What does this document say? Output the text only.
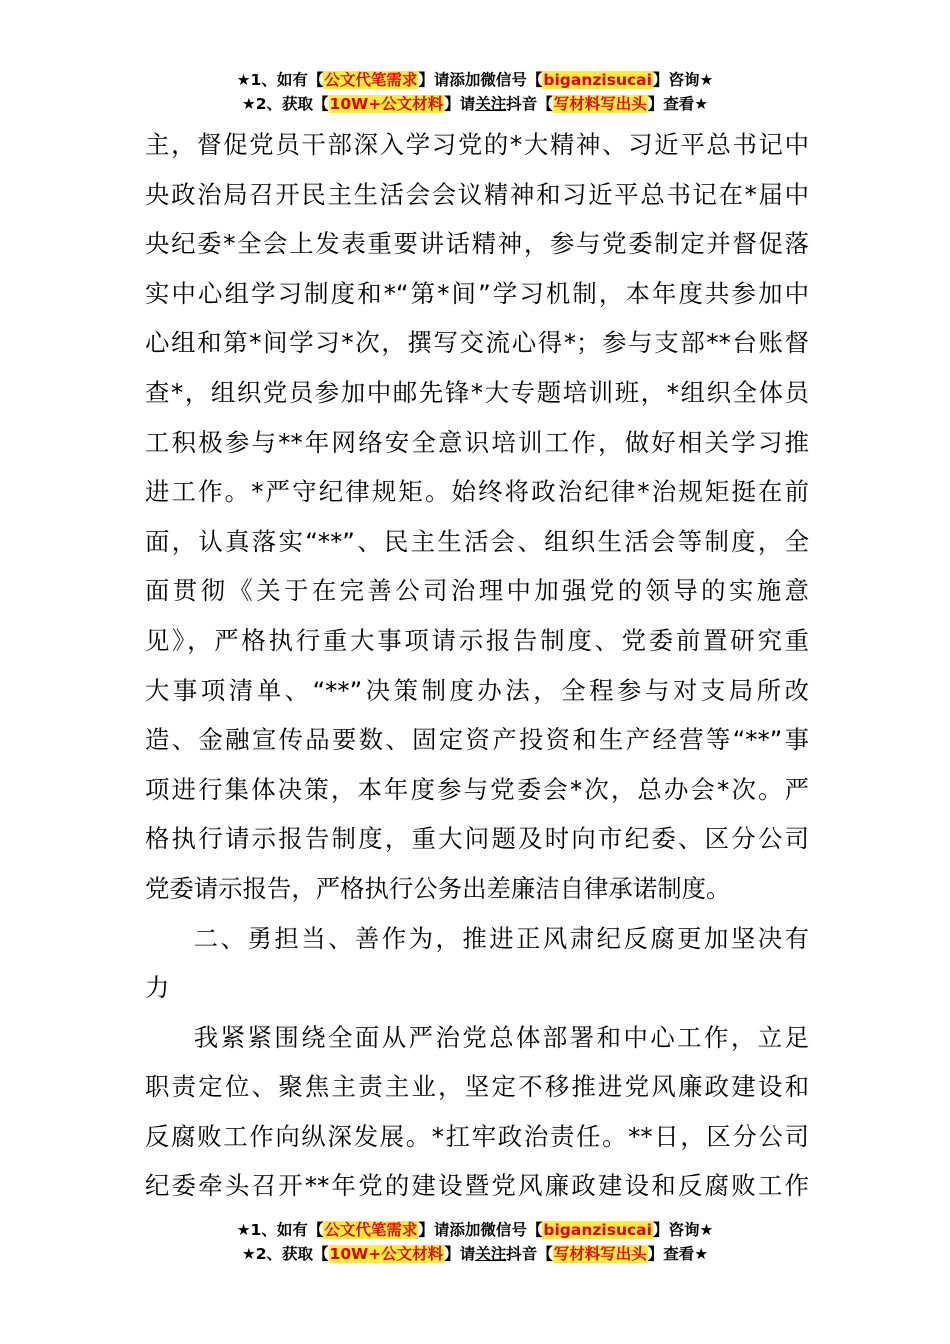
★1、如有【公文代笔需求】请添加微信号【biganzisucai】咨询★
★2、获取【10W+公文材料】请关注抖音【写材料写出头】查看★
主，督促党员干部深入学习党的*大精神、习近平总书记中
央政治局召开民主生活会会议精神和习近平总书记在*届中
央纪委*全会上发表重要讲话精神，参与党委制定并督促落
实中心组学习制度和*“第*间”学习机制，本年度共参加中
心组和第*间学习*次，撰写交流心得*；参与支部**台账督
查*，组织党员参加中邮先锋*大专题培训班，*组织全体员
工积极参与**年网络安全意识培训工作，做好相关学习推
进工作。*严守纪律规矩。始终将政治纪律*治规矩挺在前
面，认真落实“**”、民主生活会、组织生活会等制度，全
面贯彻《关于在完善公司治理中加强党的领导的实施意
见》，严格执行重大事项请示报告制度、党委前置研究重
大事项清单、“**”决策制度办法，全程参与对支局所改
造、金融宣传品要数、固定资产投资和生产经营等“**”事
项进行集体决策，本年度参与党委会*次，总办会*次。严
格执行请示报告制度，重大问题及时向市纪委、区分公司
党委请示报告，严格执行公务出差廉洁自律承诺制度。
二、勇担当、善作为，推进正风肃纪反腐更加坚决有
力
我紧紧围绕全面从严治党总体部署和中心工作，立足
职责定位、聚焦主责主业，坚定不移推进党风廉政建设和
反腐败工作向纵深发展。*扛牢政治责任。**日，区分公司
纪委牵头召开**年党的建设暨党风廉政建设和反腐败工作
★1、如有【公文代笔需求】请添加微信号【biganzisucai】咨询★
★2、获取【10W+公文材料】请关注抖音【写材料写出头】查看★
